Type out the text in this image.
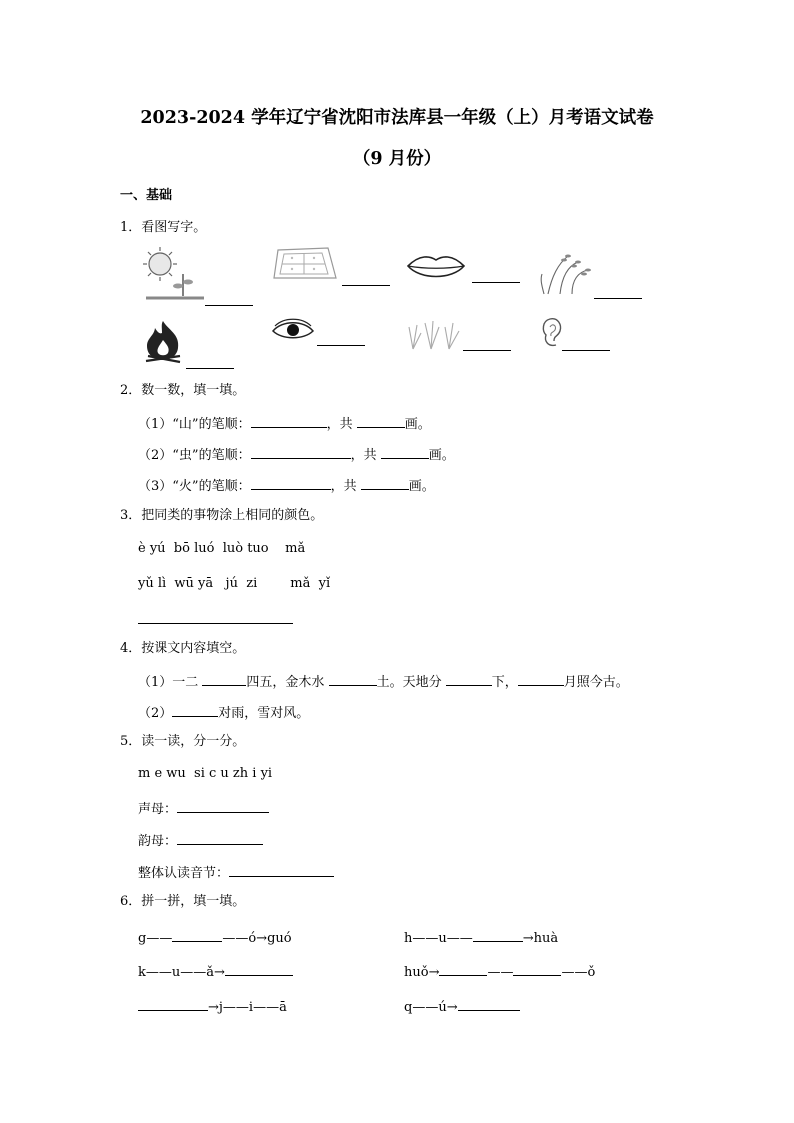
2023-2024 学年辽宁省沈阳市法库县一年级（上）月考语文试卷
（9 月份）
一、基础
1．看图写字。
2．数一数，填一填。
（1）“山”的笔顺：	，共	画。
（2）“虫”的笔顺：	，共	画。
（3）“火”的笔顺：	，共	画。
3．把同类的事物涂上相同的颜色。
è yú  bō luó  luò tuo    mǎ
yǔ lì  wū yā   jú  zi        mǎ  yǐ
4．按课文内容填空。
（1）一二	四五，金木水	土。天地分	下，	月照今古。
（2）	对雨，雪对风。
5．读一读，分一分。
m e wu  si c u zh i yi
声母：
韵母：
整体认读音节：
6．拼一拼，填一填。
g——	——ó→guó	h——u——	→huà
k——u——ǎ→	huǒ→	——	——ǒ
→j——i——ā	q——ú→
